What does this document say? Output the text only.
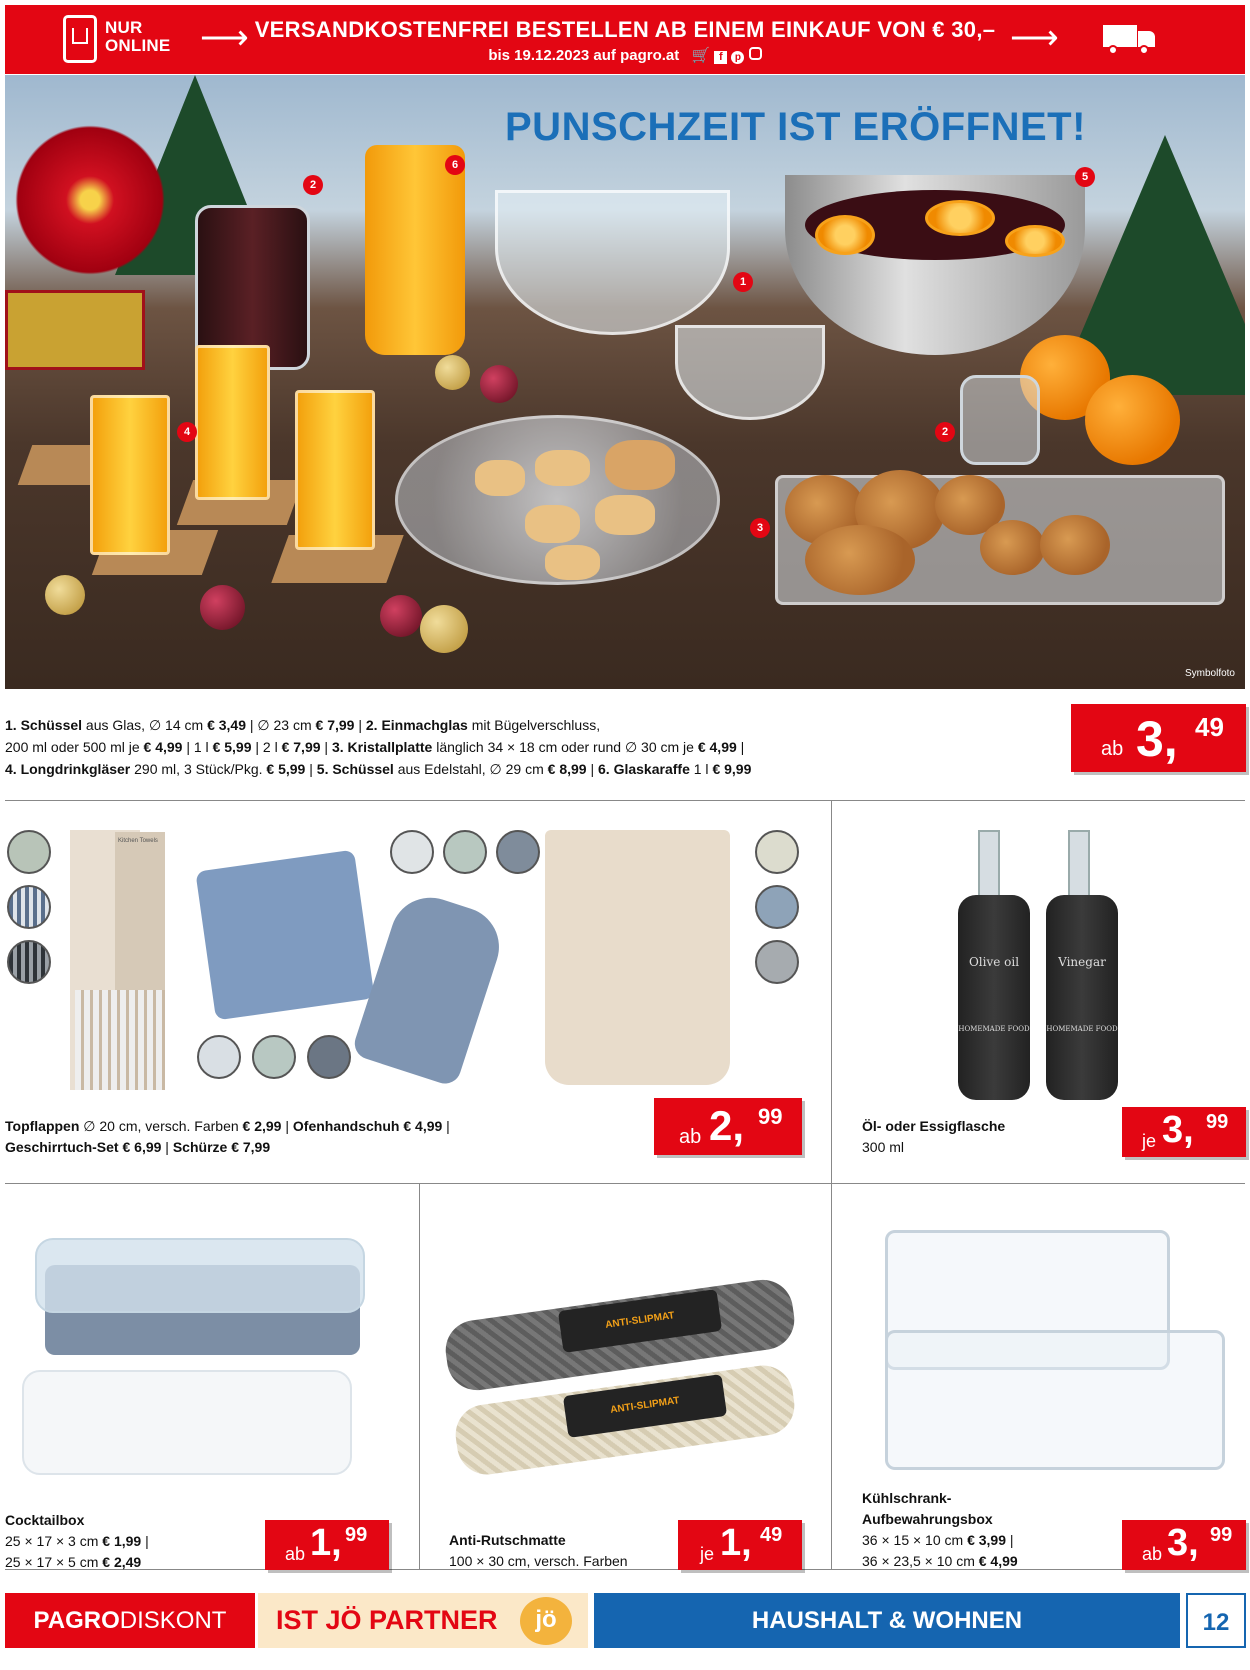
NUR
ONLINE ⟶ VERSANDKOSTENFREI BESTELLEN AB EINEM EINKAUF VON € 30,–
bis 19.12.2023 auf pagro.at 🛒 f p
⟶
PUNSCHZEIT IST ERÖFFNET!
2
6
5
1
2
4
3
Symbolfoto
1. Schüssel aus Glas, ∅ 14 cm € 3,49 | ∅ 23 cm € 7,99 | 2. Einmachglas mit Bügelverschluss,
200 ml oder 500 ml je € 4,99 | 1 l € 5,99 | 2 l € 7,99 | 3. Kristallplatte länglich 34 × 18 cm oder rund ∅ 30 cm je € 4,99 |
4. Longdrinkgläser 290 ml, 3 Stück/Pkg. € 5,99 | 5. Schüssel aus Edelstahl, ∅ 29 cm € 8,99 | 6. Glaskaraffe 1 l € 9,99
ab 3, 49
Kitchen Towels
Topflappen ∅ 20 cm, versch. Farben € 2,99 | Ofenhandschuh € 4,99 |
Geschirrtuch-Set € 6,99 | Schürze € 7,99	ab 2, 99
Olive oil
HOMEMADE FOOD
Vinegar
HOMEMADE FOOD
Öl- oder Essigflasche
300 ml	je 3, 99
Cocktailbox
25 × 17 × 3 cm € 1,99 |
25 × 17 × 5 cm € 2,49	ab 1, 99
ANTI-SLIPMAT
ANTI-SLIPMAT
Anti-Rutschmatte
100 × 30 cm, versch. Farben	je 1, 49
Kühlschrank-
Aufbewahrungsbox
36 × 15 × 10 cm € 3,99 |
36 × 23,5 × 10 cm € 4,99	ab 3, 99
PAGRODISKONT	IST JÖ PARTNER	jö	HAUSHALT & WOHNEN	12
